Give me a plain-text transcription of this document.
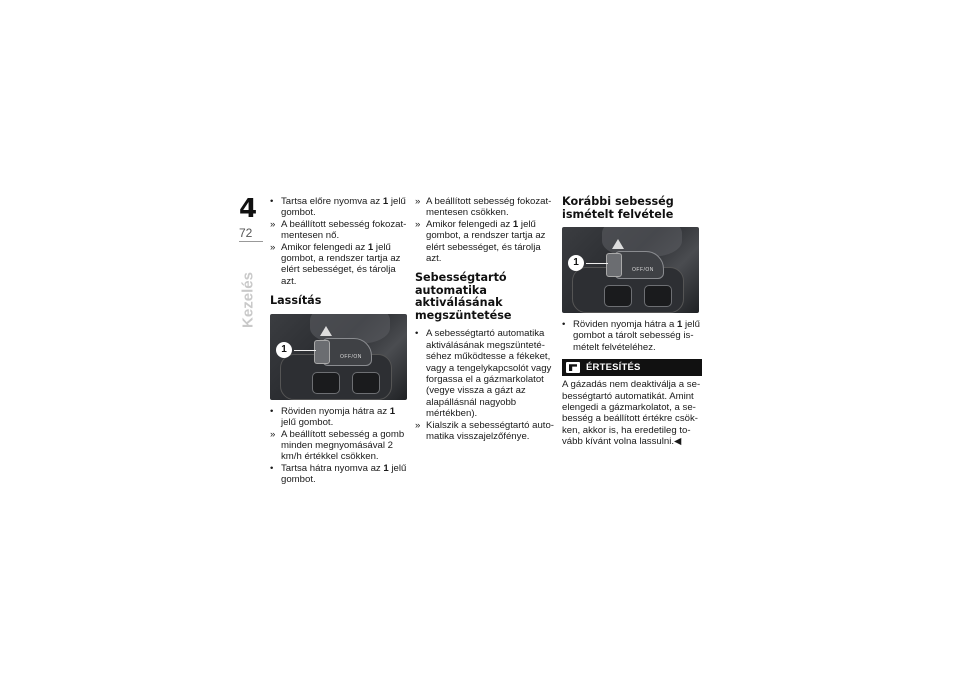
4
72
Kezelés

• Tartsa előre nyomva az 1 jelű gombot.

» A beállított sebesség fokozatmentesen nő.

» Amikor felengedi az 1 jelű gombot, a rendszer tartja az elért sebességet, és tárolja azt.

Lassítás
OFF/ON
1

• Röviden nyomja hátra az 1 jelű gombot.

» A beállított sebesség a gomb minden megnyomásával 2 km/h értékkel csökken.

• Tartsa hátra nyomva az 1 jelű gombot.

» A beállított sebesség fokozatmentesen csökken.

» Amikor felengedi az 1 jelű gombot, a rendszer tartja az elért sebességet, és tárolja azt.

Sebességtartó automatika aktiválásának megszüntetése

• A sebességtartó automatika aktiválásának megszüntetéséhez működtesse a fékeket, vagy a tengelykapcsolót vagy forgassa el a gázmarkolatot (vegye vissza a gázt az alapállásnál nagyobb mértékben).

» Kialszik a sebességtartó automatika visszajelzőfénye.

Korábbi sebesség ismételt felvétele
OFF/ON
1

• Röviden nyomja hátra a 1 jelű gombot a tárolt sebesség ismételt felvételéhez.

ÉRTESÍTÉS

A gázadás nem deaktiválja a sebességtartó automatikát. Amint elengedi a gázmarkolatot, a sebesség a beállított értékre csökken, akkor is, ha eredetileg tovább kívánt volna lassulni.◀
